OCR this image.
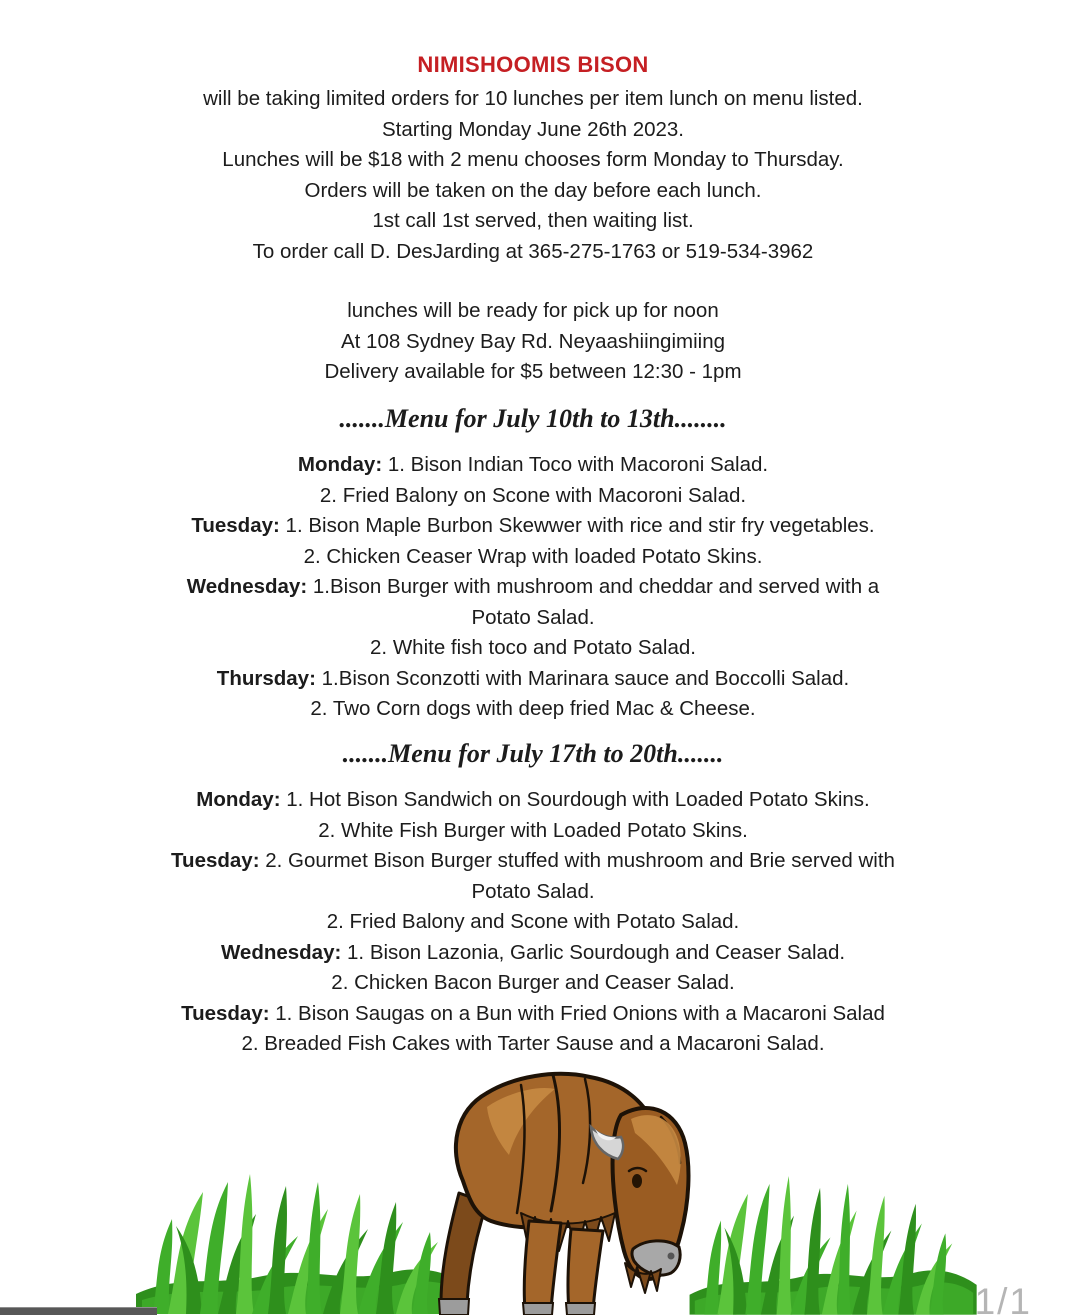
NIMISHOOMIS BISON
will be taking limited orders for 10 lunches per item lunch on menu listed.
Starting Monday June 26th 2023.
Lunches will be $18 with 2 menu chooses form Monday to Thursday.
Orders will be taken on the day before each lunch.
1st call 1st served, then waiting list.
To order call D. DesJarding at 365-275-1763 or 519-534-3962
lunches will be ready for pick up for noon
At 108 Sydney Bay Rd. Neyaashiingimiing
Delivery available for $5 between 12:30 - 1pm
.......Menu for July 10th to 13th........
Monday: 1. Bison Indian Toco with Macoroni Salad.
2. Fried Balony on Scone with Macoroni Salad.
Tuesday: 1. Bison Maple Burbon Skewwer with rice and stir fry vegetables.
2. Chicken Ceaser Wrap with loaded Potato Skins.
Wednesday: 1.Bison Burger with mushroom and cheddar and served with a
Potato Salad.
2. White fish toco and Potato Salad.
Thursday: 1.Bison Sconzotti with Marinara sauce and Boccolli Salad.
2. Two Corn dogs with deep fried Mac & Cheese.
.......Menu for July 17th to 20th.......
Monday: 1. Hot Bison Sandwich on Sourdough with Loaded Potato Skins.
2. White Fish Burger with Loaded Potato Skins.
Tuesday: 2. Gourmet Bison Burger stuffed with mushroom and Brie served with
Potato Salad.
2. Fried Balony and Scone with Potato Salad.
Wednesday: 1. Bison Lazonia, Garlic Sourdough and Ceaser Salad.
2. Chicken Bacon Burger and Ceaser Salad.
Tuesday: 1. Bison Saugas on a Bun with Fried Onions with a Macaroni Salad
2. Breaded Fish Cakes with Tarter Sause and a Macaroni Salad.
1/1
